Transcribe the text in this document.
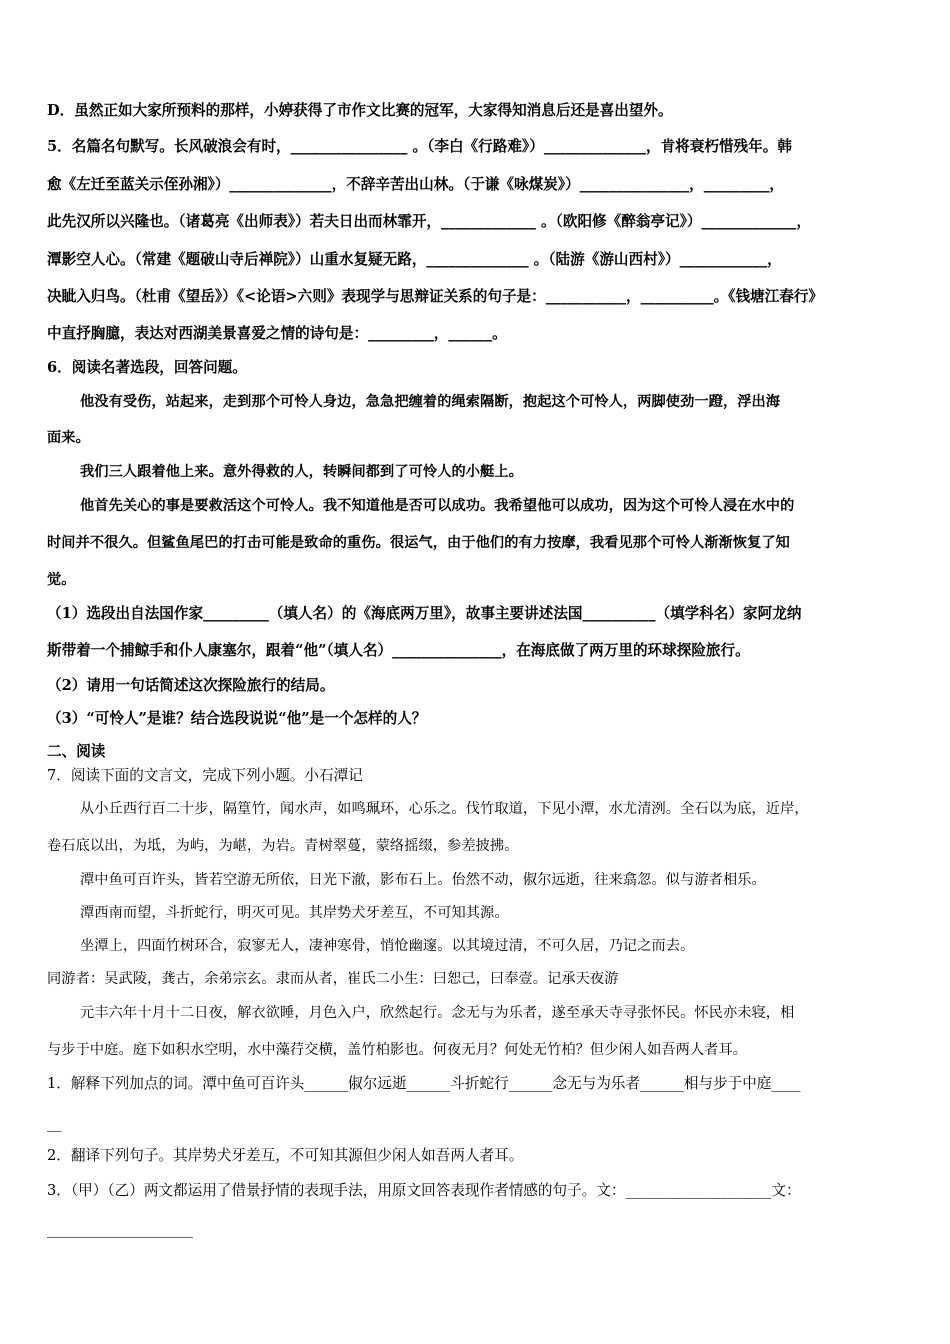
D．虽然正如大家所预料的那样，小婷获得了市作文比赛的冠军，大家得知消息后还是喜出望外。
5．名篇名句默写。长风破浪会有时，________________ 。（李白《行路难》）______________，肯将衰朽惜残年。韩
愈《左迁至蓝关示侄孙湘》）______________，不辞辛苦出山林。（于谦《咏煤炭》）_______________，_________，
此先汉所以兴隆也。（诸葛亮《出师表》）若夫日出而林霏开，_____________ 。（欧阳修《醉翁亭记》）_____________，
潭影空人心。（常建《题破山寺后禅院》）山重水复疑无路，______________ 。（陆游《游山西村》）____________，
决眦入归鸟。（杜甫《望岳》）《<论语>六则》表现学与思辩证关系的句子是：___________，__________。《钱塘江春行》
中直抒胸臆，表达对西湖美景喜爱之情的诗句是：_________，______。
6．阅读名著选段，回答问题。
他没有受伤，站起来，走到那个可怜人身边，急急把缠着的绳索隔断，抱起这个可怜人，两脚使劲一蹬，浮出海
面来。
我们三人跟着他上来。意外得救的人，转瞬间都到了可怜人的小艇上。
他首先关心的事是要救活这个可怜人。我不知道他是否可以成功。我希望他可以成功，因为这个可怜人浸在水中的
时间并不很久。但鲨鱼尾巴的打击可能是致命的重伤。很运气，由于他们的有力按摩，我看见那个可怜人渐渐恢复了知
觉。
（1）选段出自法国作家_________（填人名）的《海底两万里》，故事主要讲述法国__________（填学科名）家阿龙纳
斯带着一个捕鲸手和仆人康塞尔，跟着“他”（填人名）_______________，在海底做了两万里的环球探险旅行。
（2）请用一句话简述这次探险旅行的结局。
（3）“可怜人”是谁？结合选段说说“他”是一个怎样的人？
二、阅读
7．阅读下面的文言文，完成下列小题。小石潭记
从小丘西行百二十步，隔篁竹，闻水声，如鸣珮环，心乐之。伐竹取道，下见小潭，水尤清洌。全石以为底，近岸，
卷石底以出，为坻，为屿，为嵁，为岩。青树翠蔓，蒙络摇缀，参差披拂。
潭中鱼可百许头，皆若空游无所依，日光下澈，影布石上。佁然不动，俶尔远逝，往来翕忽。似与游者相乐。
潭西南而望，斗折蛇行，明灭可见。其岸势犬牙差互，不可知其源。
坐潭上，四面竹树环合，寂寥无人，凄神寒骨，悄怆幽邃。以其境过清，不可久居，乃记之而去。
同游者：吴武陵，龚古，余弟宗玄。隶而从者，崔氏二小生：曰恕己，曰奉壹。记承天夜游
元丰六年十月十二日夜，解衣欲睡，月色入户，欣然起行。念无与为乐者，遂至承天寺寻张怀民。怀民亦未寝，相
与步于中庭。庭下如积水空明，水中藻荇交横，盖竹柏影也。何夜无月？何处无竹柏？但少闲人如吾两人者耳。
1．解释下列加点的词。潭中鱼可百许头______俶尔远逝______斗折蛇行______念无与为乐者______相与步于中庭____
__
2．翻译下列句子。其岸势犬牙差互，不可知其源但少闲人如吾两人者耳。
3．（甲）（乙）两文都运用了借景抒情的表现手法，用原文回答表现作者情感的句子。文：____________________文：
____________________
